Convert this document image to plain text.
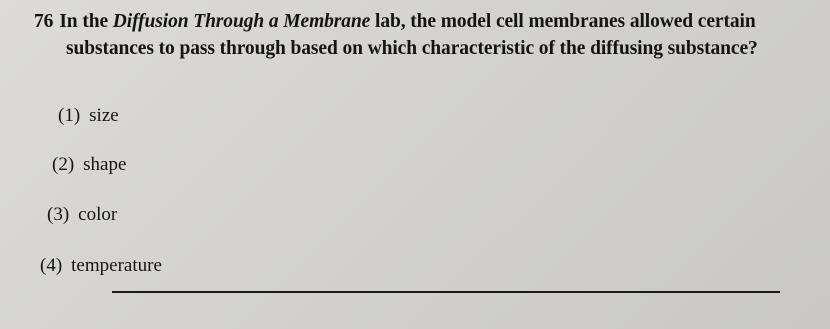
76 In the Diffusion Through a Membrane lab, the model cell membranes allowed certain
substances to pass through based on which characteristic of the diffusing substance?
(1) size
(2) shape
(3) color
(4) temperature
